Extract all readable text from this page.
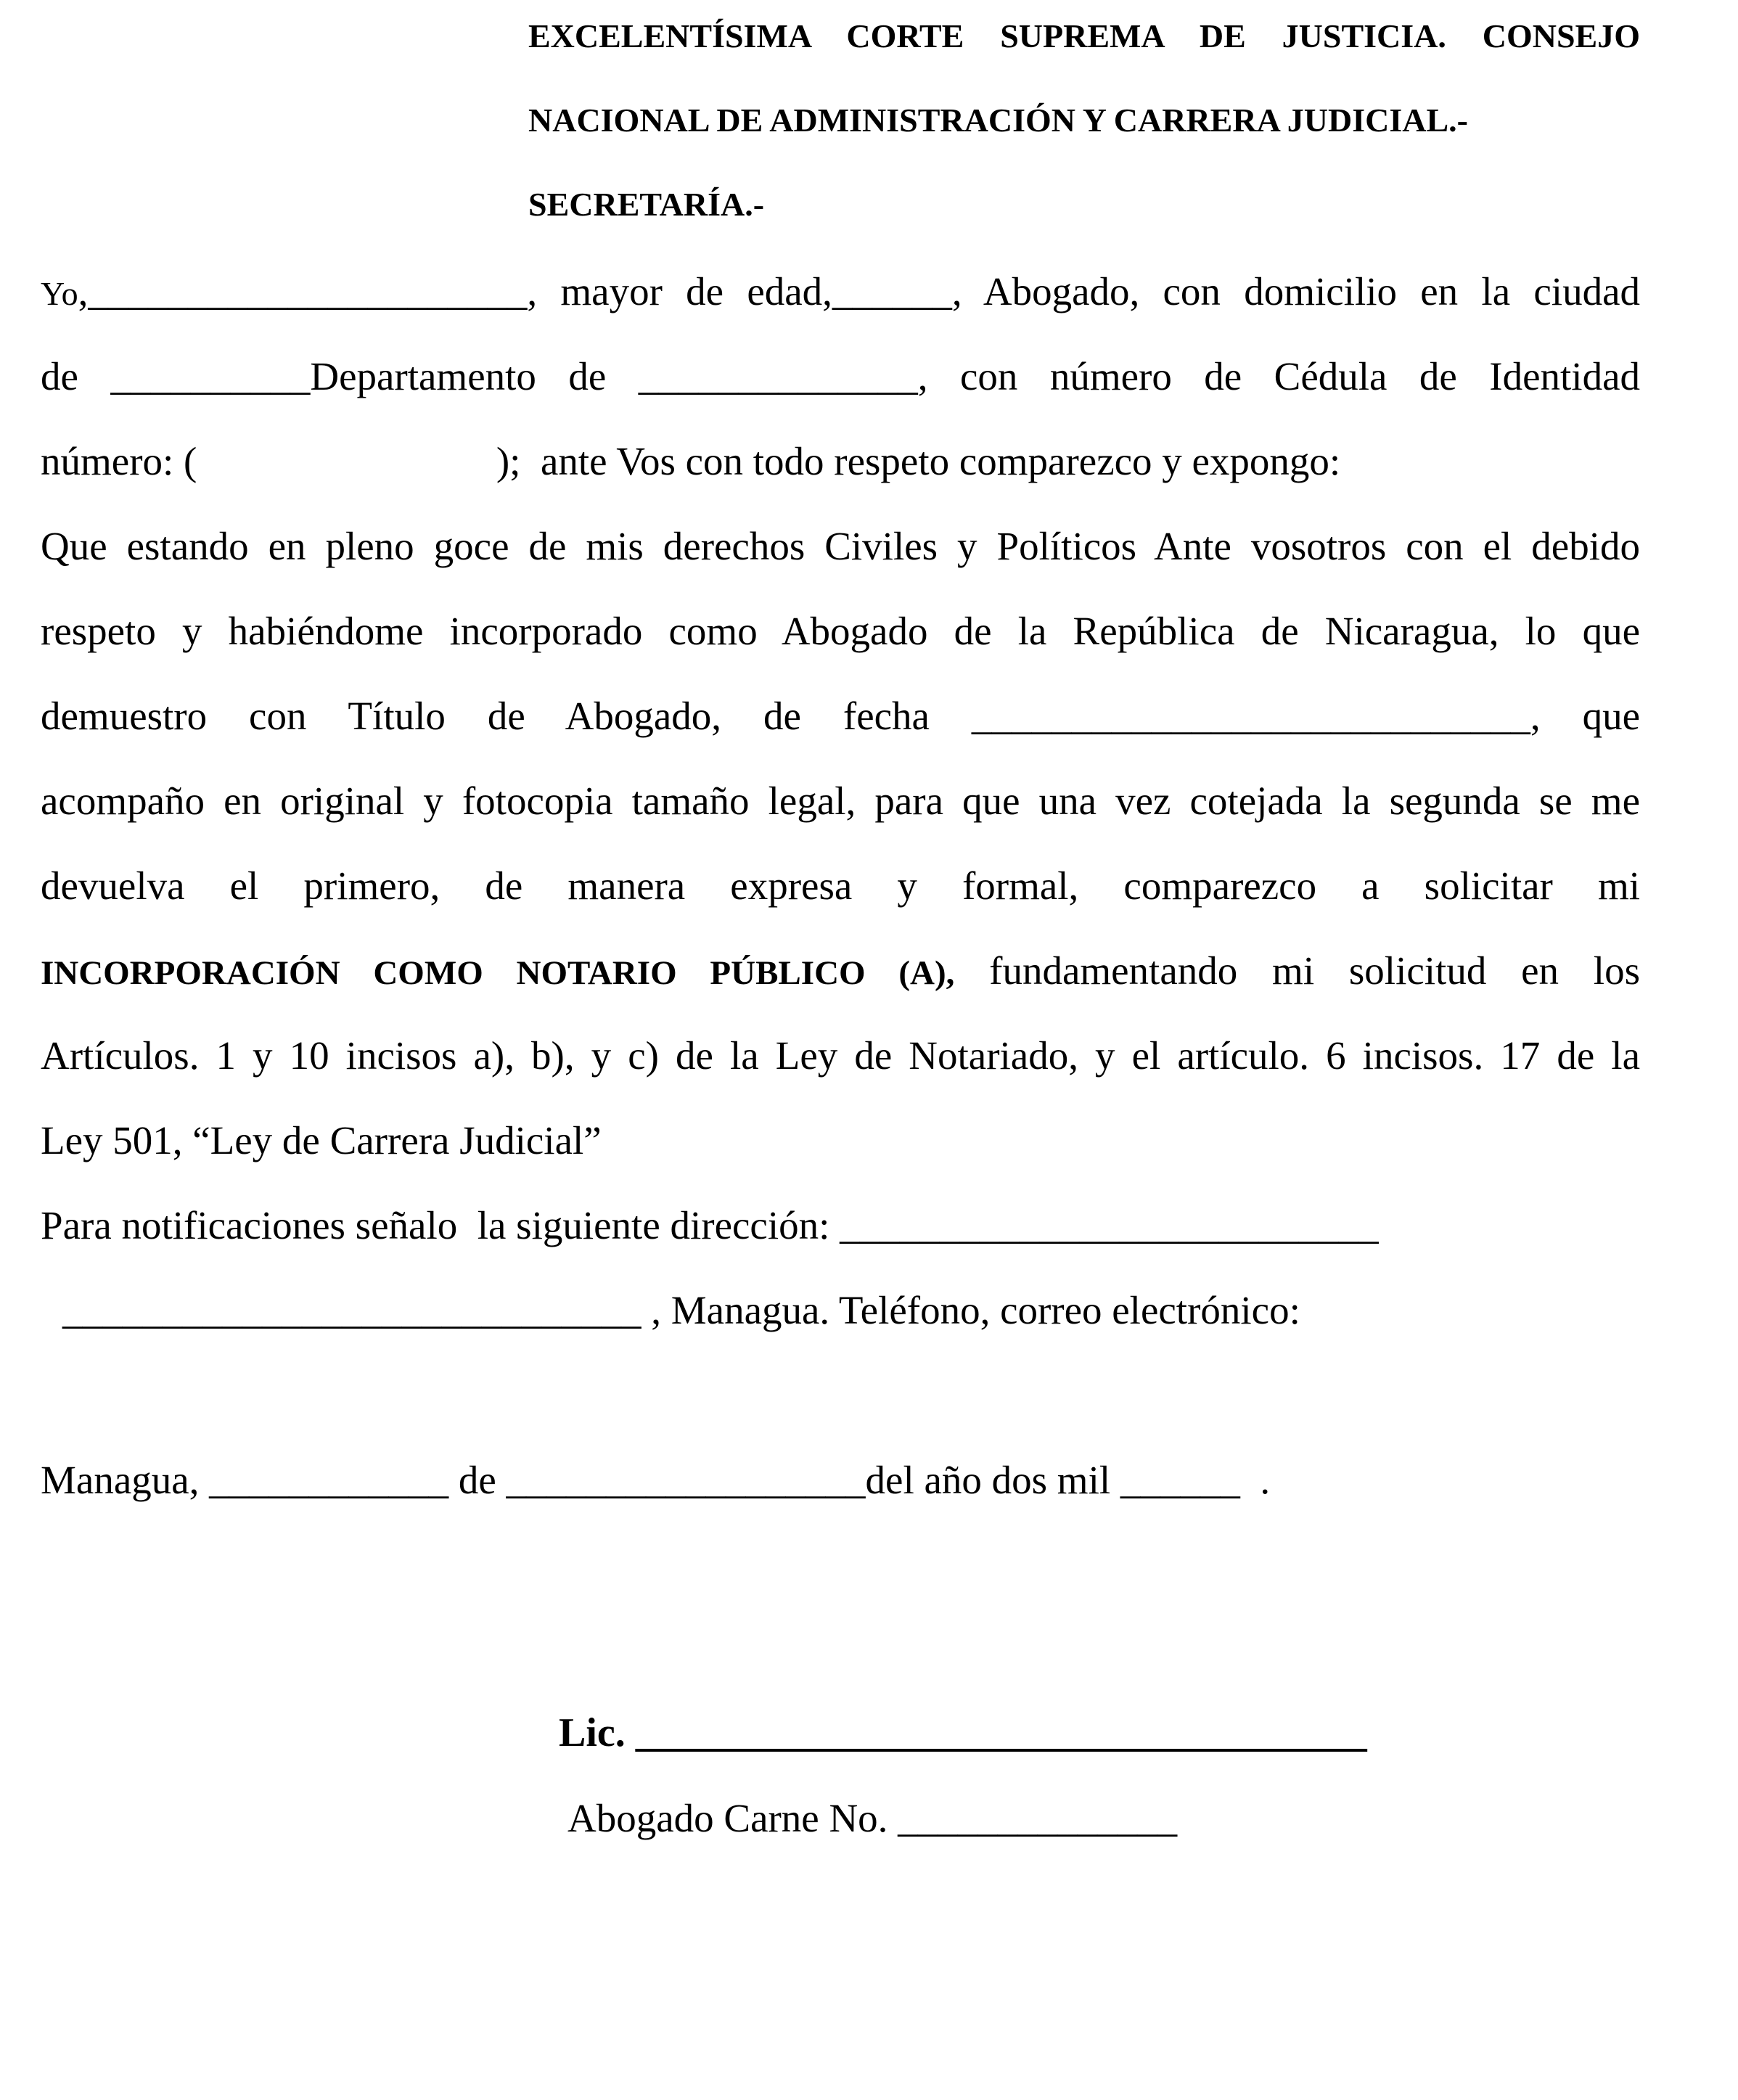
EXCELENTÍSIMA CORTE SUPREMA DE JUSTICIA. CONSEJO
NACIONAL DE ADMINISTRACIÓN Y CARRERA JUDICIAL.-
SECRETARÍA.-
Yo,______________________, mayor de edad,______, Abogado, con domicilio en la ciudad
de __________Departamento de ______________, con número de Cédula de Identidad
número: (                              );  ante Vos con todo respeto comparezco y expongo:
Que estando en pleno goce de mis derechos Civiles y Políticos Ante vosotros con el debido
respeto y habiéndome incorporado como Abogado de la República de Nicaragua, lo que
demuestro con Título de Abogado, de fecha ____________________________, que
acompaño en original y fotocopia tamaño legal, para que una vez cotejada la segunda se me
devuelva el primero, de manera expresa y formal, comparezco a solicitar mi
INCORPORACIÓN COMO NOTARIO PÚBLICO (A), fundamentando mi solicitud en los
Artículos. 1 y 10 incisos a), b), y c) de la Ley de Notariado, y el artículo. 6 incisos. 17 de la
Ley 501, “Ley de Carrera Judicial”
Para notificaciones señalo  la siguiente dirección: ___________________________
_____________________________ , Managua. Teléfono, correo electrónico:
Managua, ____________ de __________________del año dos mil ______  .
Lic. ____________________________________
Abogado Carne No. ______________
